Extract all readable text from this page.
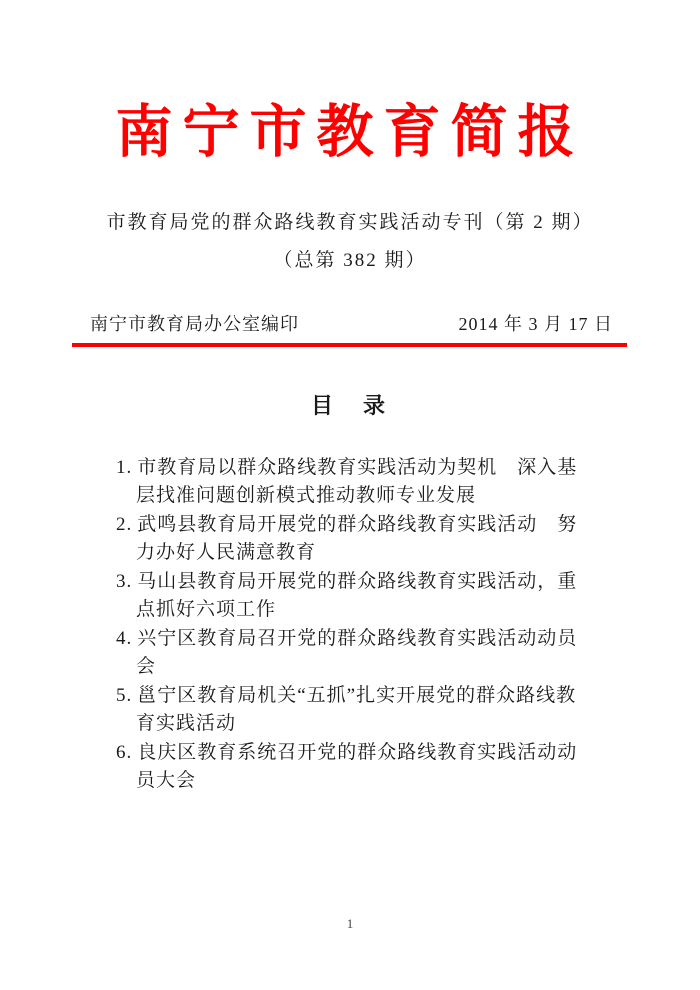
南宁市教育简报
市教育局党的群众路线教育实践活动专刊（第 2 期）
（总第 382 期）
南宁市教育局办公室编印	2014 年 3 月 17 日
目　录
1. 市教育局以群众路线教育实践活动为契机　深入基层找准问题创新模式推动教师专业发展
2. 武鸣县教育局开展党的群众路线教育实践活动　努力办好人民满意教育
3. 马山县教育局开展党的群众路线教育实践活动，重点抓好六项工作
4. 兴宁区教育局召开党的群众路线教育实践活动动员会
5. 邕宁区教育局机关“五抓”扎实开展党的群众路线教育实践活动
6. 良庆区教育系统召开党的群众路线教育实践活动动员大会
1
